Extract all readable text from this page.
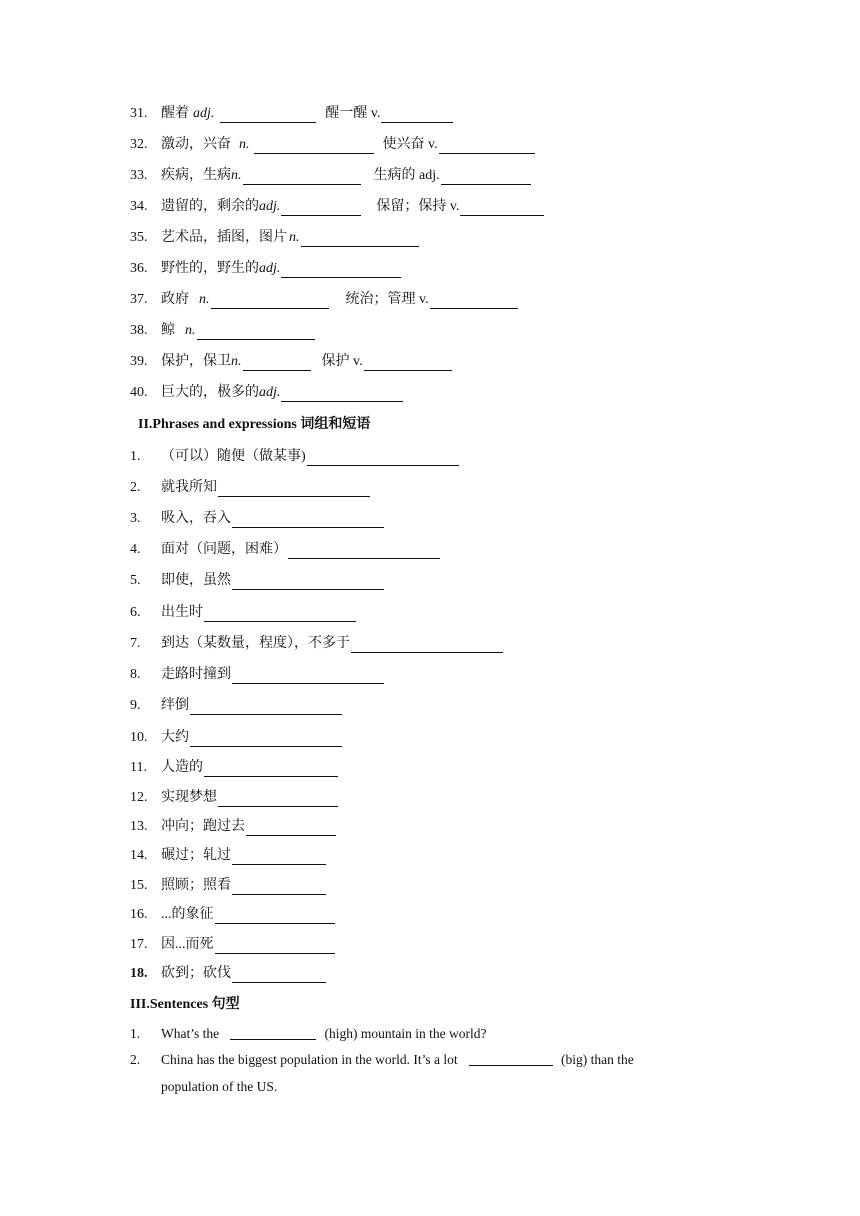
31. 醒着 adj.	醒一醒 v.
32. 激动，兴奋 n.	使兴奋 v.
33. 疾病，生病 n.	生病的 adj.
34. 遗留的，剩余的 adj.	保留；保持 v.
35. 艺术品，插图，图片 n.
36. 野性的，野生的 adj.
37. 政府 n.	统治；管理 v.
38. 鲸 n.
39. 保护，保卫 n.	保护 v.
40. 巨大的，极多的 adj.
II.Phrases and expressions 词组和短语
1.	（可以）随便（做某事)
2.	就我所知
3.	吸入，吞入
4.	面对（问题，困难）
5.	即使，虽然
6.	出生时
7.	到达（某数量，程度），不多于
8.	走路时撞到
9.	绊倒
10. 大约
11.	人造的
12. 实现梦想
13. 冲向；跑过去
14. 碾过；轧过
15. 照顾；照看
16. ...的象征
17. 因...而死
18. 砍到；砍伐
III.Sentences 句型
1. What’s the	(high) mountain in the world?
2. China has the biggest population in the world. It’s a lot	(big) than the
population of the US.
